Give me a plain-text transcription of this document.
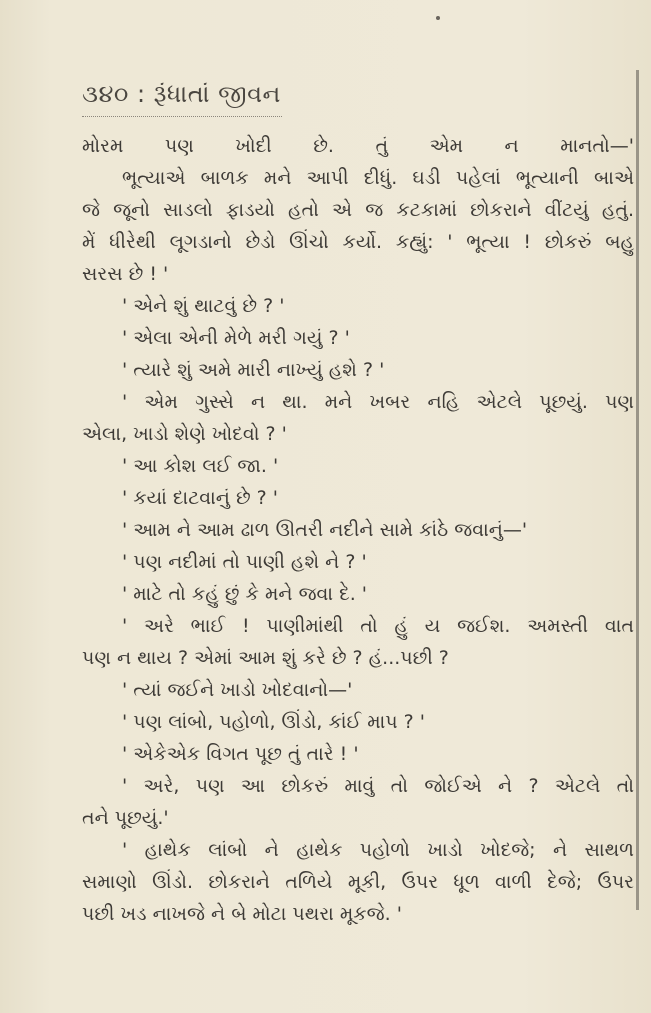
૩૪૦ : રૂંધાતાં જીવન

મોરમ પણ ખોદી છે. તું એમ ન માનતો—'

ભૂત્યાએ બાળક મને આપી દીધું. ઘડી પહેલાં ભૂત્યાની બાએ

જે જૂનો સાડલો ફાડયો હતો એ જ કટકામાં છોકરાને વીંટયું હતું.

મેં ધીરેથી લૂગડાનો છેડો ઊંચો કર્યો. કહ્યું: ' ભૂત્યા ! છોકરું બહુ

સરસ છે ! '

' એને શું થાટવું છે ? '

' એલા એની મેળે મરી ગયું ? '

' ત્યારે શું અમે મારી નાખ્યું હશે ? '

' એમ ગુસ્સે ન થા. મને ખબર નહિ એટલે પૂછયું. પણ

એલા, ખાડો શેણે ખોદવો ? '

' આ કોશ લઈ જા. '

' કયાં દાટવાનું છે ? '

' આમ ને આમ ઢાળ ઊતરી નદીને સામે કાંઠે જવાનું—'

' પણ નદીમાં તો પાણી હશે ને ? '

' માટે તો કહું છું કે મને જવા દે. '

' અરે ભાઈ ! પાણીમાંથી તો હું ય જઈશ. અમસ્તી વાત

પણ ન થાય ? એમાં આમ શું કરે છે ? હં...પછી ?

' ત્યાં જઈને ખાડો ખોદવાનો—'

' પણ લાંબો, પહોળો, ઊંડો, કાંઈ માપ ? '

' એકેએક વિગત પૂછ તું તારે ! '

' અરે, પણ આ છોકરું માવું તો જોઈએ ને ? એટલે તો

તને પૂછયું.'

' હાથેક લાંબો ને હાથેક પહોળો ખાડો ખોદજે; ને સાથળ

સમાણો ઊંડો. છોકરાને તળિયે મૂકી, ઉપર ધૂળ વાળી દેજે; ઉપર

પછી ખડ નાખજે ને બે મોટા પથરા મૂકજે. '
